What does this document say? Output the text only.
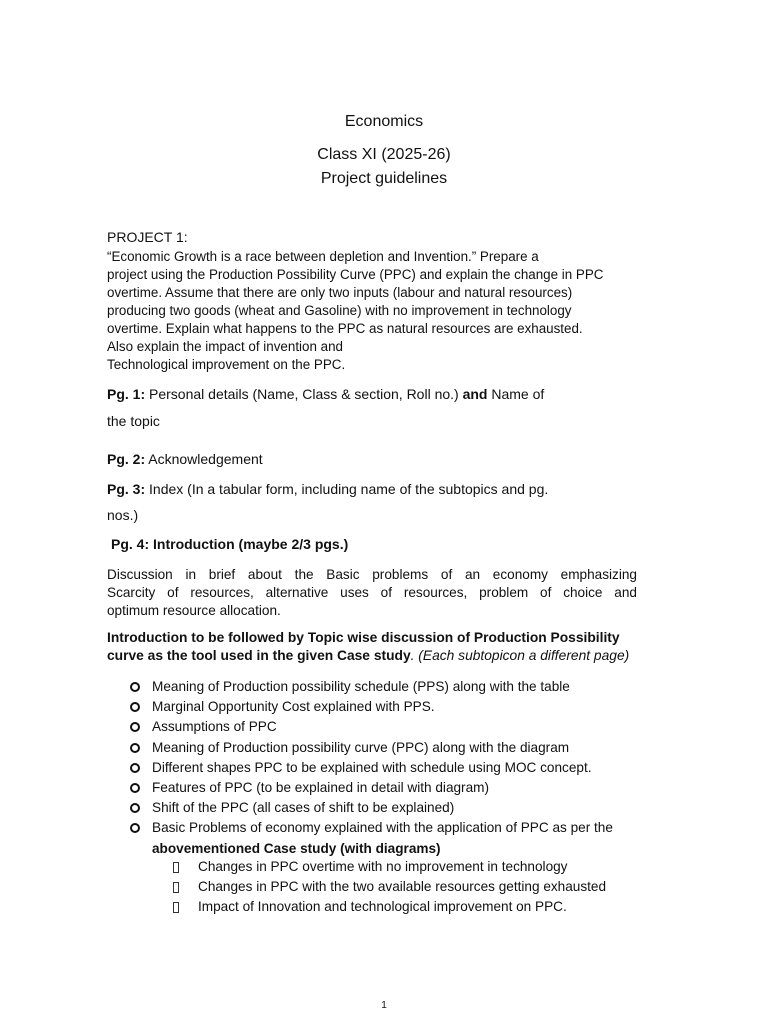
Economics
Class XI (2025-26)
Project guidelines
PROJECT 1:
“Economic Growth is a race between depletion and Invention.” Prepare a
project using the Production Possibility Curve (PPC) and explain the change in PPC
overtime. Assume that there are only two inputs (labour and natural resources)
producing two goods (wheat and Gasoline) with no improvement in technology
overtime. Explain what happens to the PPC as natural resources are exhausted.
Also explain the impact of invention and
Technological improvement on the PPC.
Pg. 1: Personal details (Name, Class & section, Roll no.) and Name of
the topic
Pg. 2: Acknowledgement
Pg. 3: Index (In a tabular form, including name of the subtopics and pg.
nos.)
Pg. 4: Introduction (maybe 2/3 pgs.)
Discussion in brief about the Basic problems of an economy emphasizing
Scarcity of resources, alternative uses of resources, problem of choice and
optimum resource allocation.
Introduction to be followed by Topic wise discussion of Production Possibility
curve as the tool used in the given Case study. (Each subtopicon a different page)
Meaning of Production possibility schedule (PPS) along with the table
Marginal Opportunity Cost explained with PPS.
Assumptions of PPC
Meaning of Production possibility curve (PPC) along with the diagram
Different shapes PPC to be explained with schedule using MOC concept.
Features of PPC (to be explained in detail with diagram)
Shift of the PPC (all cases of shift to be explained)
Basic Problems of economy explained with the application of PPC as per the
abovementioned Case study (with diagrams)
Changes in PPC overtime with no improvement in technology
Changes in PPC with the two available resources getting exhausted
Impact of Innovation and technological improvement on PPC.
1
